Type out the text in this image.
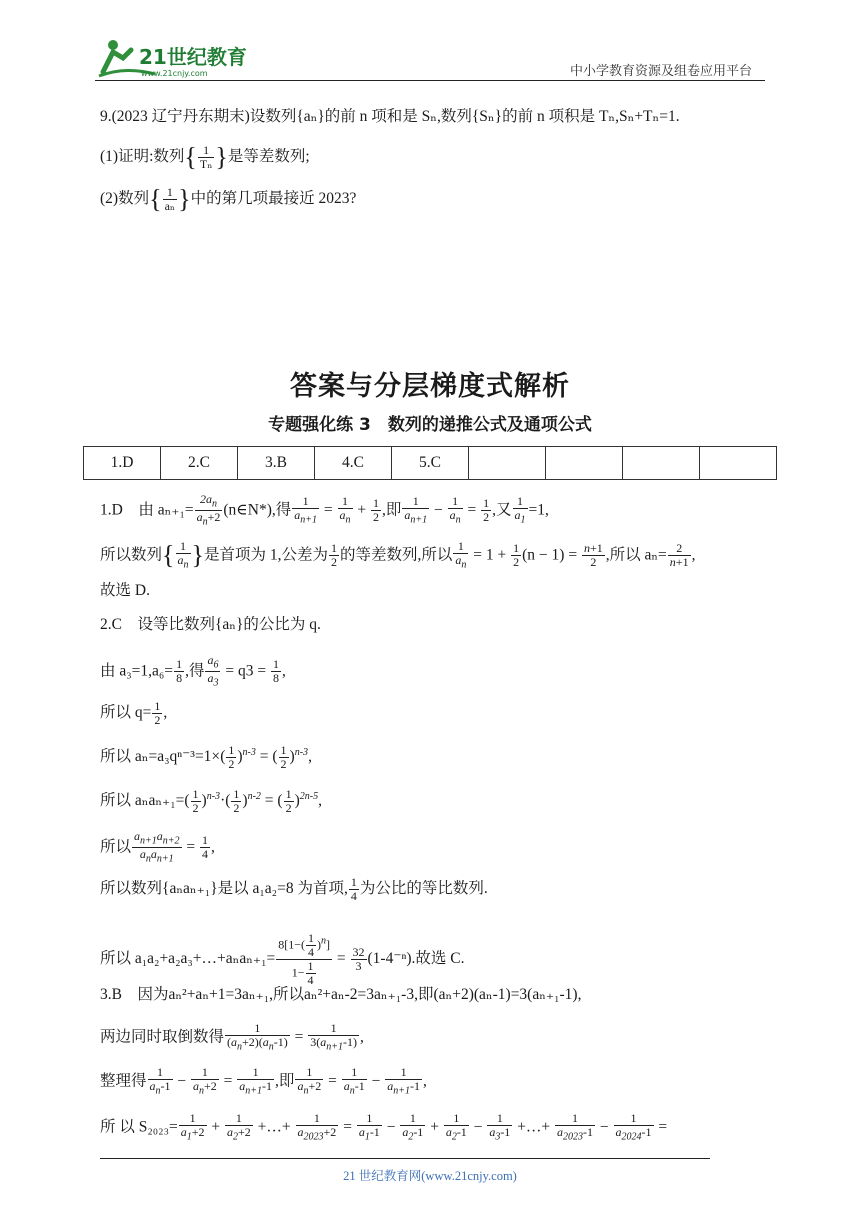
21世纪教育
www.21cnjy.com	中小学教育资源及组卷应用平台
9.(2023 辽宁丹东期末)设数列{aₙ}的前 n 项和是 Sₙ,数列{Sₙ}的前 n 项积是 Tₙ,Sₙ+Tₙ=1.
(1)证明:数列{ $\frac{1}{\text{Tₙ}}$ }是等差数列;
(2)数列{ $\frac{1}{\text{aₙ}}$ }中的第几项最接近 2023?
答案与分层梯度式解析
专题强化练 3　数列的递推公式及通项公式
1.D	2.C	3.B	4.C	5.C				
1.D　由 $a_{n+1}= \frac{2a_n}{a_n+2}$ (n∈N*),得 $\frac{1}{a_{n+1}} = \frac{1}{a_n} + \frac{1}{2}$ ,即 $\frac{1}{a_{n+1}} - \frac{1}{a_n} = \frac{1}{2}$ ,又 $\frac{1}{a_1} =1$,
所以数列{ $\frac{1}{a_n}$ }是首项为 1,公差为 $\frac{1}{2}$ 的等差数列,所以 $\frac{1}{a_n} = 1 + \frac{1}{2} (n - 1) = \frac{n+1}{2}$ ,所以 $a_n= \frac{2}{n+1}$ ,
故选 D.
2.C　设等比数列{aₙ}的公比为 q.
由 $a_3=1,a_6= \frac{1}{8}$ ,得 $\frac{a_6}{a_3} = q3 = \frac{1}{8}$ ,
所以 $q= \frac{1}{2}$ ,
所以 $a_n=a_3q^{n-3}=1\times( \frac{1}{2} )^{n-3}$ = ( $\frac{1}{2} )^{n-3}$,
所以 $a_na_{n+1}=( \frac{1}{2} )^{n-3}\cdot( \frac{1}{2} )^{n-2}$ = ( $\frac{1}{2} )^{2n-5}$,
所以 $\frac{a_{n+1}a_{n+2}}{a_na_{n+1}} = \frac{1}{4}$ ,
所以数列{aₙaₙ₊₁}是以 a₁a₂=8 为首项, $\frac{1}{4}$ 为公比的等比数列.
所以 a₁a₂+a₂a₃+…+aₙaₙ₊₁= $\frac{8[1-( \frac{1}{4} )^n]}{1- \frac{1}{4}} = \frac{32}{3} (1-4^{-n})$.故选 C.
3.B　因为aₙ²+aₙ+1=3aₙ₊₁,所以aₙ²+aₙ-2=3aₙ₊₁-3,即(aₙ+2)(aₙ-1)=3(aₙ₊₁-1),
两边同时取倒数得 $\frac{1}{(a_n+2)(a_n-1)} = \frac{1}{3(a_{n+1}-1)}$ ,
整理得 $\frac{1}{a_n-1} - \frac{1}{a_n+2} = \frac{1}{a_{n+1}-1}$ ,即 $\frac{1}{a_n+2} = \frac{1}{a_n-1} - \frac{1}{a_{n+1}-1}$ ,
所 以 $S_{2023}= \frac{1}{a_1+2} + \frac{1}{a_2+2}$ +…+ $\frac{1}{a_{2023}+2} = \frac{1}{a_1-1} - \frac{1}{a_2-1} + \frac{1}{a_2-1} - \frac{1}{a_3-1}$ +…+ $\frac{1}{a_{2023}-1} - \frac{1}{a_{2024}-1}$ =
21 世纪教育网(www.21cnjy.com)
